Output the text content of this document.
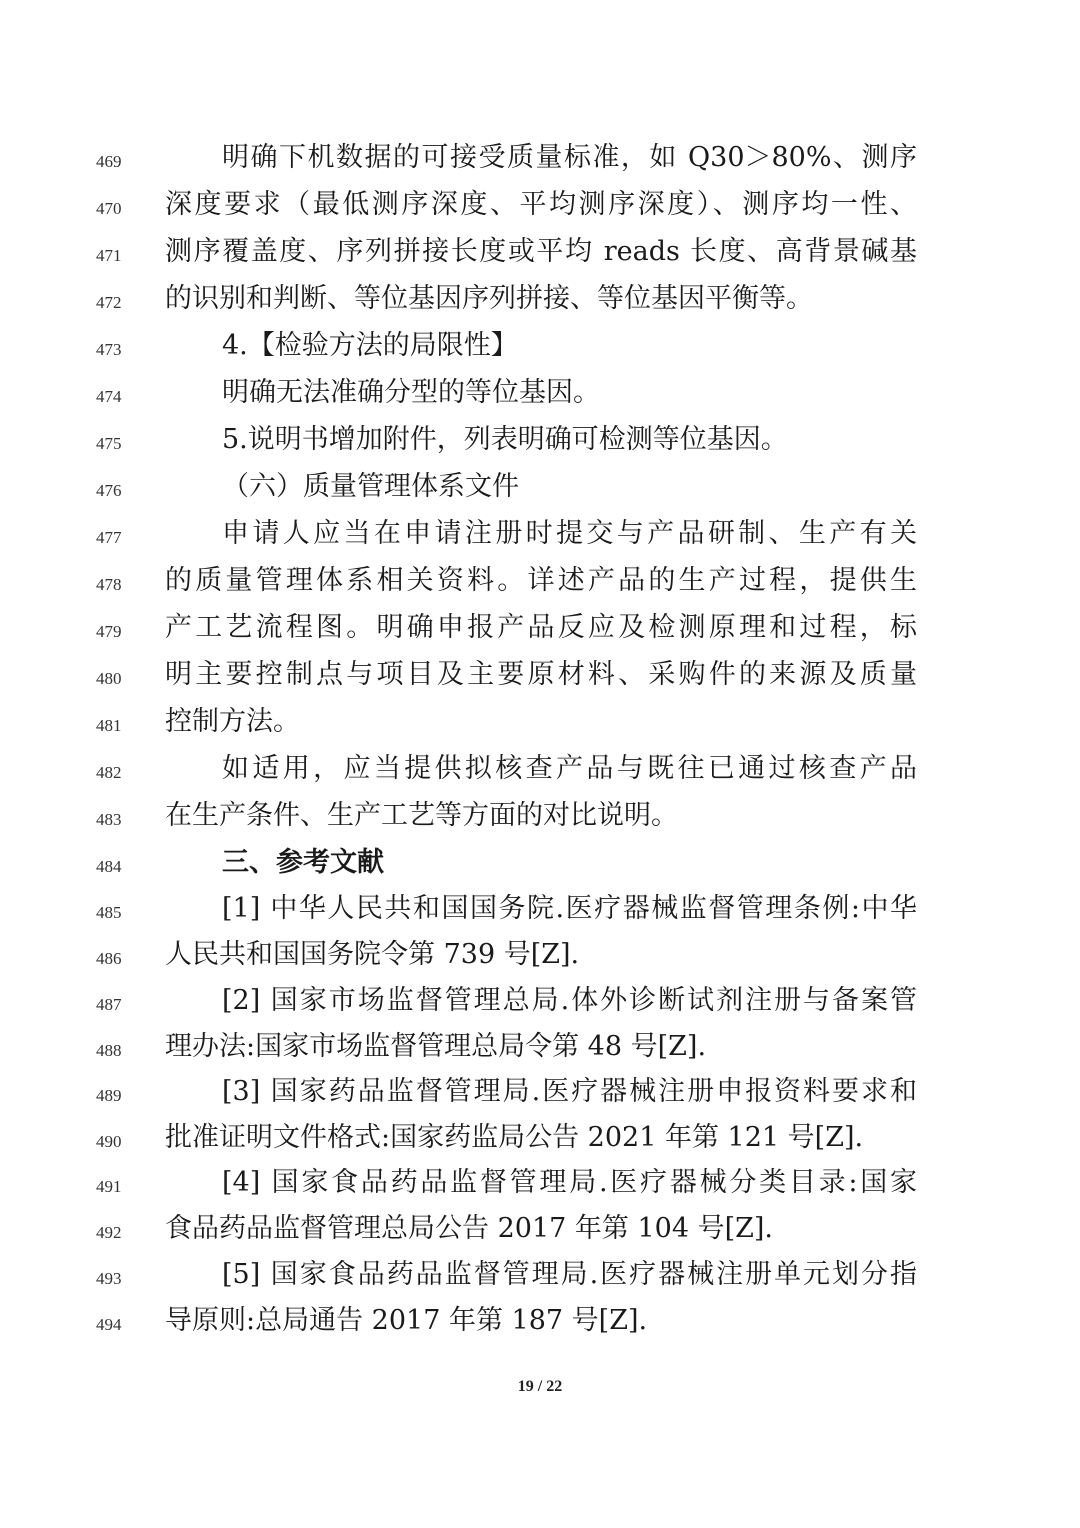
469	明确下机数据的可接受质量标准，如 Q30＞80%、测序
470	深度要求（最低测序深度、平均测序深度）、测序均一性、
471	测序覆盖度、序列拼接长度或平均 reads 长度、高背景碱基
472	的识别和判断、等位基因序列拼接、等位基因平衡等。
473	4.【检验方法的局限性】
474	明确无法准确分型的等位基因。
475	5.说明书增加附件，列表明确可检测等位基因。
476	（六）质量管理体系文件
477	申请人应当在申请注册时提交与产品研制、生产有关
478	的质量管理体系相关资料。详述产品的生产过程，提供生
479	产工艺流程图。明确申报产品反应及检测原理和过程，标
480	明主要控制点与项目及主要原材料、采购件的来源及质量
481	控制方法。
482	如适用，应当提供拟核查产品与既往已通过核查产品
483	在生产条件、生产工艺等方面的对比说明。
484	三、参考文献
485	[1] 中华人民共和国国务院.医疗器械监督管理条例:中华
486	人民共和国国务院令第 739 号[Z].
487	[2] 国家市场监督管理总局.体外诊断试剂注册与备案管
488	理办法:国家市场监督管理总局令第 48 号[Z].
489	[3] 国家药品监督管理局.医疗器械注册申报资料要求和
490	批准证明文件格式:国家药监局公告 2021 年第 121 号[Z].
491	[4] 国家食品药品监督管理局.医疗器械分类目录:国家
492	食品药品监督管理总局公告 2017 年第 104 号[Z].
493	[5] 国家食品药品监督管理局.医疗器械注册单元划分指
494	导原则:总局通告 2017 年第 187 号[Z].
19 / 22
